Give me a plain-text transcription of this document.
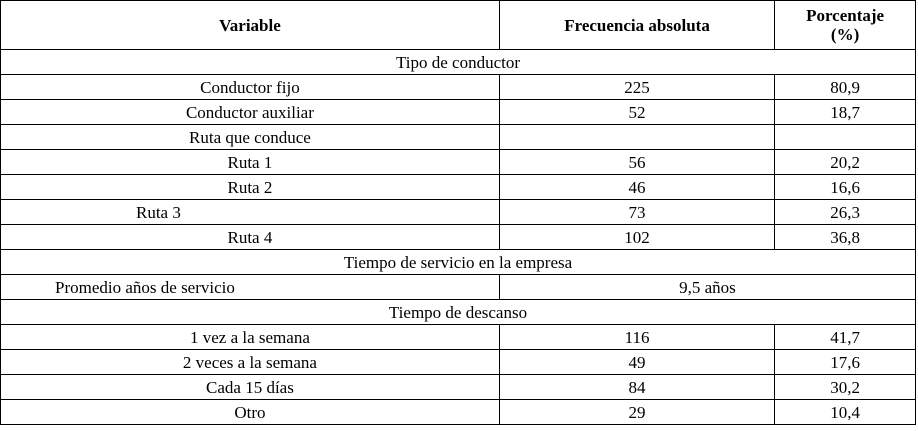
Variable	Frecuencia absoluta	Porcentaje
(%)
Tipo de conductor		
Conductor fijo	225	80,9
Conductor auxiliar	52	18,7
Ruta que conduce		
Ruta 1	56	20,2
Ruta 2	46	16,6
Ruta 3	73	26,3
Ruta 4	102	36,8
Tiempo de servicio en la empresa		
Promedio años de servicio	9,5 años	
Tiempo de descanso		
1 vez a la semana	116	41,7
2 veces a la semana	49	17,6
Cada 15 días	84	30,2
Otro	29	10,4
